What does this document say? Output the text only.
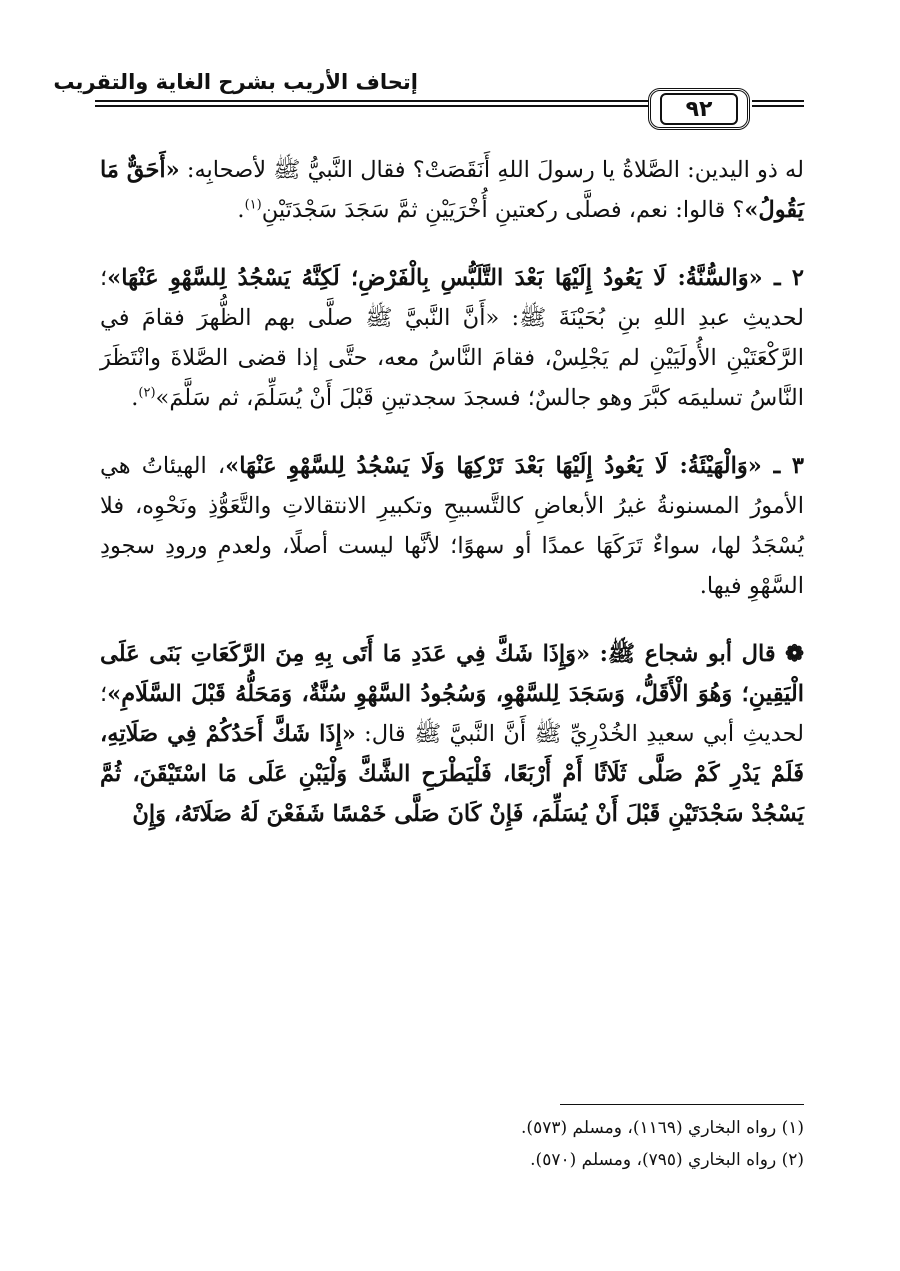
إتحاف الأريب بشرح الغاية والتقريب
٩٢

له ذو اليدين: الصَّلاةُ يا رسولَ اللهِ أَنَقَصَتْ؟ فقال النَّبيُّ ﷺ لأصحابِه: «أَحَقٌّ مَا يَقُولُ»؟ قالوا: نعم، فصلَّى ركعتينِ أُخْرَيَيْنِ ثمَّ سَجَدَ سَجْدَتَيْنِ$^{(١)}$.

٢ ـ «وَالسُّنَّةُ: لَا يَعُودُ إِلَيْهَا بَعْدَ التَّلَبُّسِ بِالْفَرْضِ؛ لَكِنَّهُ يَسْجُدُ لِلسَّهْوِ عَنْهَا»؛ لحديثِ عبدِ اللهِ بنِ بُحَيْنَةَ ﷺ: «أَنَّ النَّبيَّ ﷺ صلَّى بهم الظُّهرَ فقامَ في الرَّكْعَتَيْنِ الأُولَيَيْنِ لم يَجْلِسْ، فقامَ النَّاسُ معه، حتَّى إذا قضى الصَّلاةَ وانْتَظَرَ النَّاسُ تسليمَه كبَّرَ وهو جالسٌ؛ فسجدَ سجدتينِ قَبْلَ أَنْ يُسَلِّمَ، ثم سَلَّمَ»$^{(٢)}$.

٣ ـ «وَالْهَيْئَةُ: لَا يَعُودُ إِلَيْهَا بَعْدَ تَرْكِهَا وَلَا يَسْجُدُ لِلسَّهْوِ عَنْهَا»، الهيئاتُ هي الأمورُ المسنونةُ غيرُ الأبعاضِ كالتَّسبيحِ وتكبيرِ الانتقالاتِ والتَّعَوُّذِ ونَحْوِه، فلا يُسْجَدُ لها، سواءٌ تَرَكَهَا عمدًا أو سهوًا؛ لأنَّها ليست أصلًا، ولعدمِ ورودِ سجودِ السَّهْوِ فيها.

❁ قال أبو شجاع ﷺ: «وَإِذَا شَكَّ فِي عَدَدِ مَا أَتَى بِهِ مِنَ الرَّكَعَاتِ بَنَى عَلَى الْيَقِينِ؛ وَهُوَ الْأَقَلُّ، وَسَجَدَ لِلسَّهْوِ، وَسُجُودُ السَّهْوِ سُنَّةٌ، وَمَحَلُّهُ قَبْلَ السَّلَامِ»؛ لحديثِ أبي سعيدِ الخُدْرِيِّ ﷺ أَنَّ النَّبيَّ ﷺ قال: «إِذَا شَكَّ أَحَدُكُمْ فِي صَلَاتِهِ، فَلَمْ يَدْرِ كَمْ صَلَّى ثَلَاثًا أَمْ أَرْبَعًا، فَلْيَطْرَحِ الشَّكَّ وَلْيَبْنِ عَلَى مَا اسْتَيْقَنَ، ثُمَّ يَسْجُدْ سَجْدَتَيْنِ قَبْلَ أَنْ يُسَلِّمَ، فَإِنْ كَانَ صَلَّى خَمْسًا شَفَعْنَ لَهُ صَلَاتَهُ، وَإِنْ

(١) رواه البخاري (١١٦٩)، ومسلم (٥٧٣).
(٢) رواه البخاري (٧٩٥)، ومسلم (٥٧٠).
